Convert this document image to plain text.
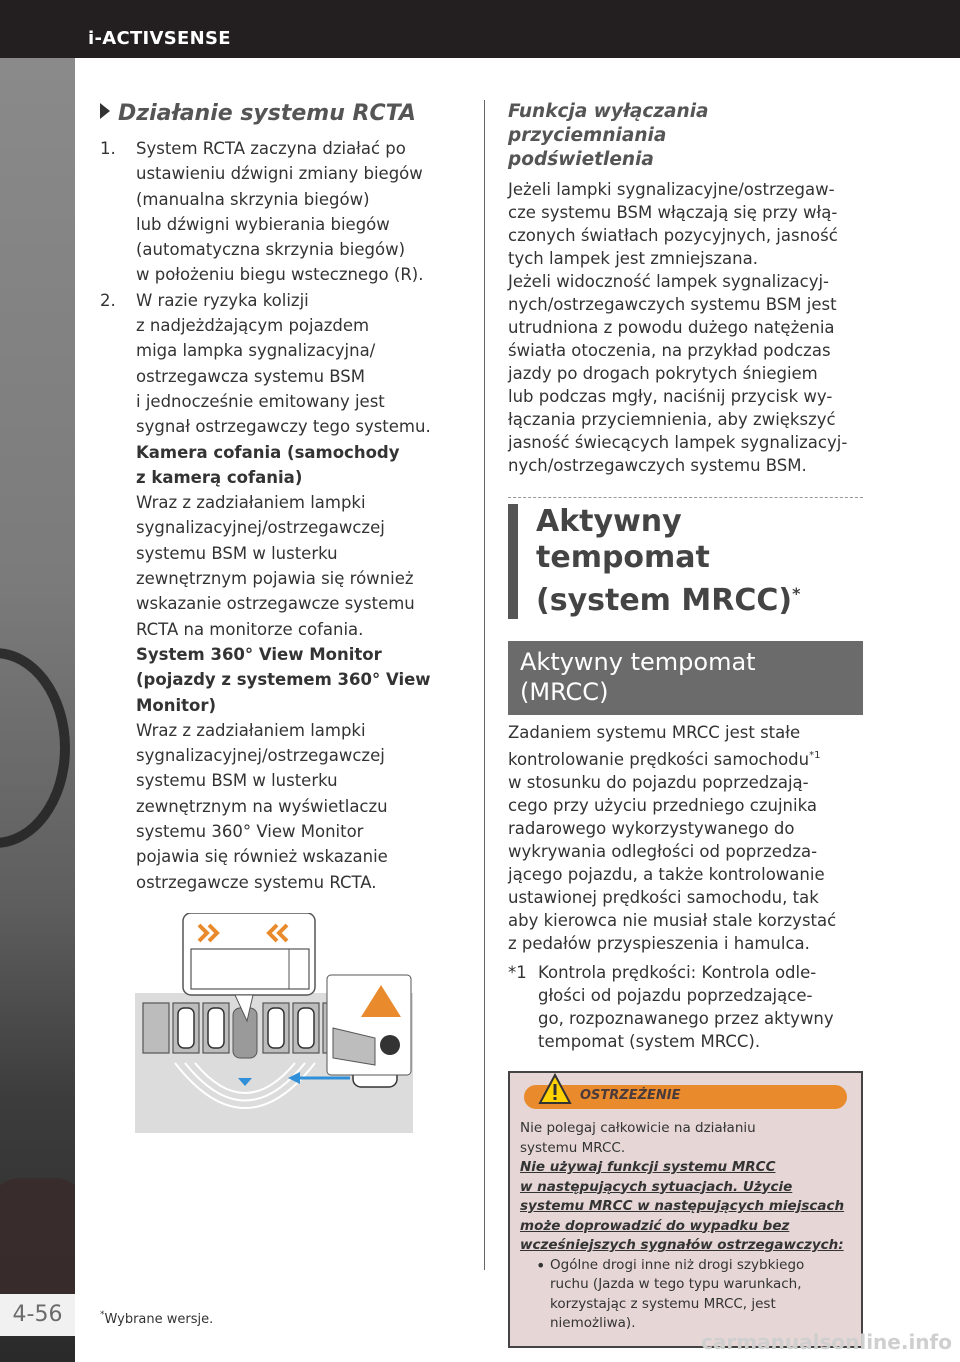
i-ACTIVSENSE
4-56
Działanie systemu RCTA
1. System RCTA zaczyna działać po

ustawieniu dźwigni zmiany biegów

(manualna skrzynia biegów)

lub dźwigni wybierania biegów

(automatyczna skrzynia biegów)

w położeniu biegu wstecznego (R).

2. W razie ryzyka kolizji

z nadjeżdżającym pojazdem

miga lampka sygnalizacyjna/

ostrzegawcza systemu BSM

i jednocześnie emitowany jest

sygnał ostrzegawczy tego systemu.

Kamera cofania (samochody

z kamerą cofania)

Wraz z zadziałaniem lampki

sygnalizacyjnej/ostrzegawczej

systemu BSM w lusterku

zewnętrznym pojawia się również

wskazanie ostrzegawcze systemu

RCTA na monitorze cofania.

System 360° View Monitor

(pojazdy z systemem 360° View

Monitor)

Wraz z zadziałaniem lampki

sygnalizacyjnej/ostrzegawczej

systemu BSM w lusterku

zewnętrznym na wyświetlaczu

systemu 360° View Monitor

pojawia się również wskazanie

ostrzegawcze systemu RCTA.

Funkcja wyłączania przyciemniania

podświetlenia

Jeżeli lampki sygnalizacyjne/ostrzegaw-
cze systemu BSM włączają się przy włą-
czonych światłach pozycyjnych, jasność
tych lampek jest zmniejszana.
Jeżeli widoczność lampek sygnalizacyj-
nych/ostrzegawczych systemu BSM jest
utrudniona z powodu dużego natężenia
światła otoczenia, na przykład podczas
jazdy po drogach pokrytych śniegiem
lub podczas mgły, naciśnij przycisk wy-
łączania przyciemnienia, aby zwiększyć
jasność świecących lampek sygnalizacyj-
nych/ostrzegawczych systemu BSM.
Aktywny tempomat
(system MRCC)*
Aktywny tempomat
(MRCC)
Zadaniem systemu MRCC jest stałe
kontrolowanie prędkości samochodu$^{*1}$
w stosunku do pojazdu poprzedzają-
cego przy użyciu przedniego czujnika
radarowego wykorzystywanego do
wykrywania odległości od poprzedza-
jącego pojazdu, a także kontrolowanie
ustawionej prędkości samochodu, tak
aby kierowca nie musiał stale korzystać
z pedałów przyspieszenia i hamulca.
*1 Kontrola prędkości: Kontrola odle-
głości od pojazdu poprzedzające-
go, rozpoznawanego przez aktywny
tempomat (system MRCC).
OSTRZEŻENIE

Nie polegaj całkowicie na działaniu

systemu MRCC.

Nie używaj funkcji systemu MRCC

w następujących sytuacjach. Użycie

systemu MRCC w następujących miejscach

może doprowadzić do wypadku bez

wcześniejszych sygnałów ostrzegawczych:

• Ogólne drogi inne niż drogi szybkiego

ruchu (Jazda w tego typu warunkach,

korzystając z systemu MRCC, jest

niemożliwa).

*Wybrane wersje.
carmanualsonline.info
